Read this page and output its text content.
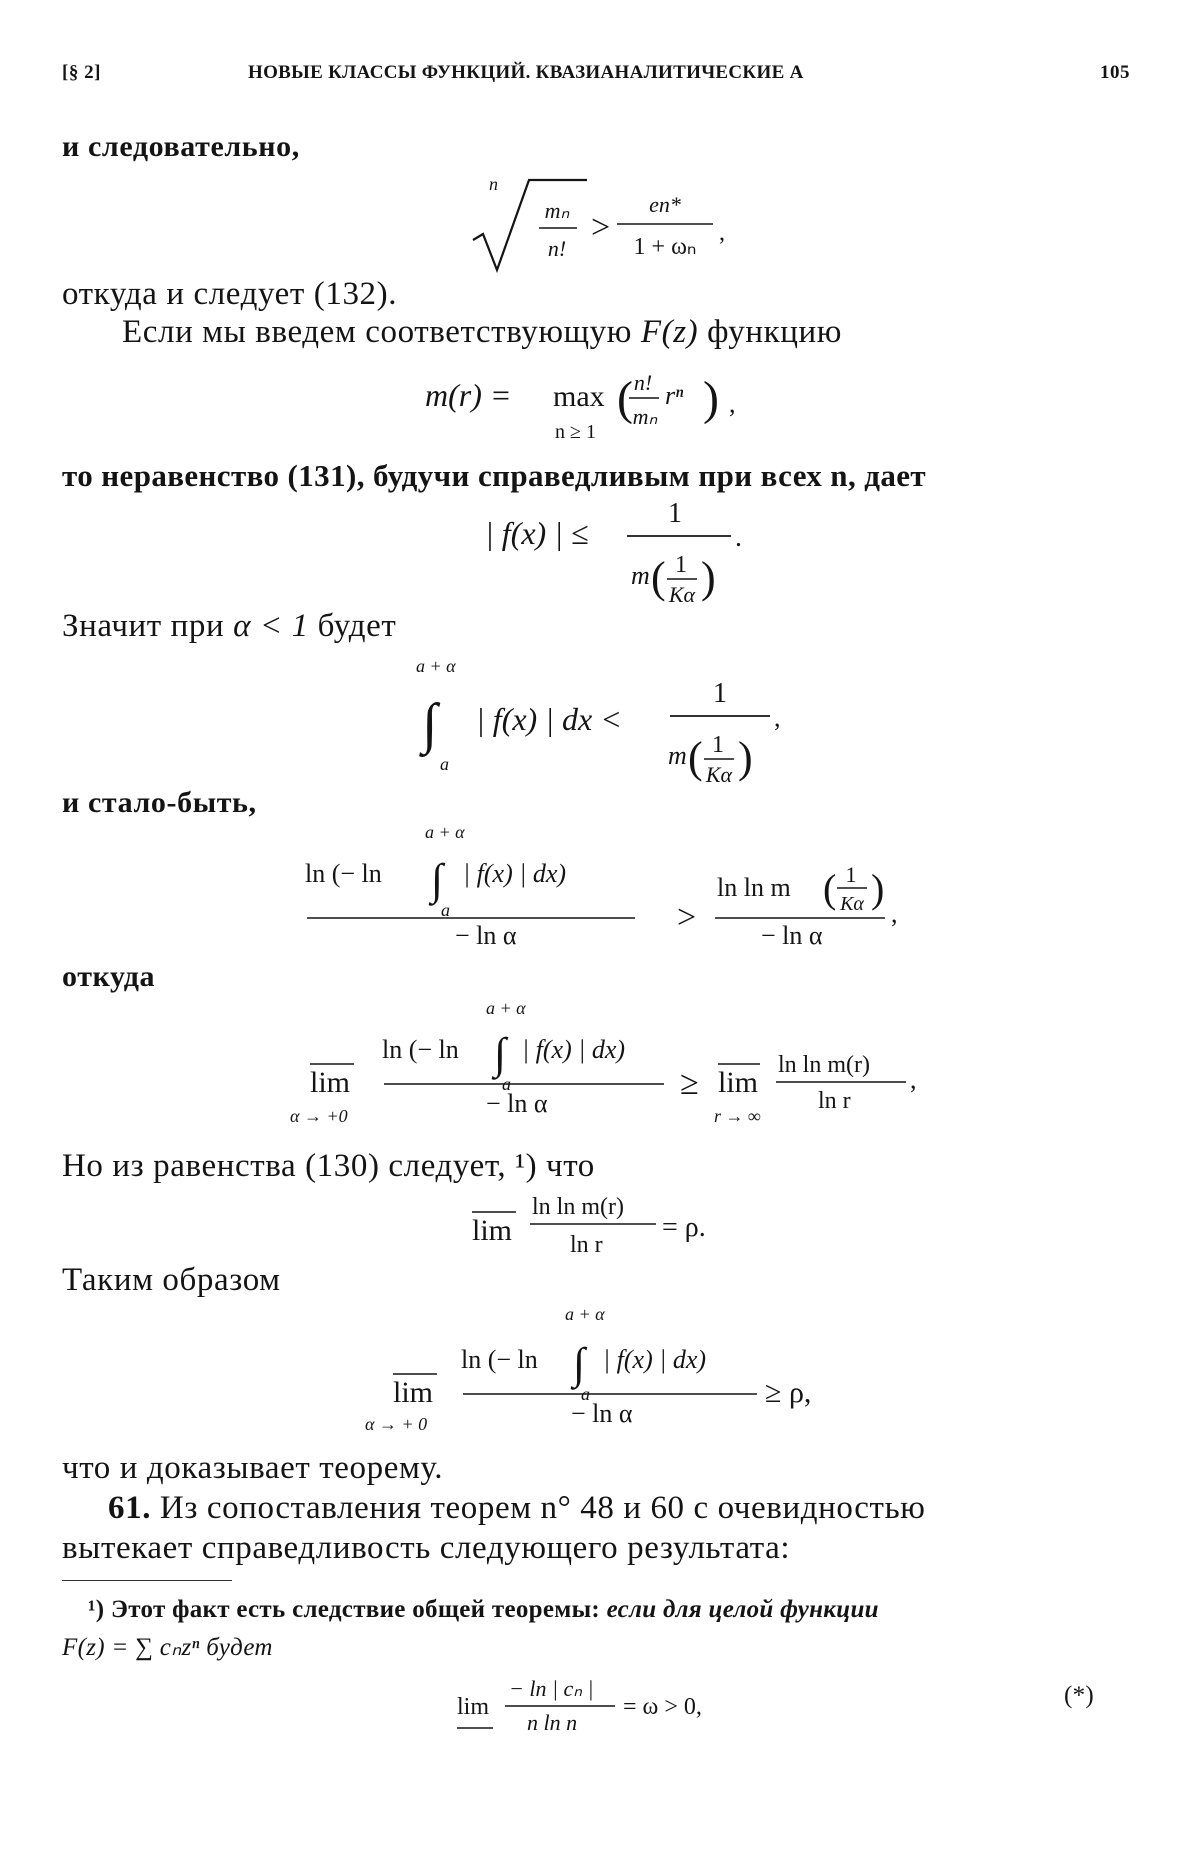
[§ 2]	НОВЫЕ КЛАССЫ ФУНКЦИЙ. КВАЗИАНАЛИТИЧЕСКИЕ А	105
и следовательно,
n
mₙ
n!
>
en*
1 + ωₙ
,
откуда и следует (132).
Если мы введем соответствующую F(z) функцию
m(r) = max
n ≥ 1
( n!
mₙ
rⁿ ) ,
то неравенство (131), будучи справедливым при всех n, дает
| f(x) | ≤
1
m ( 1
Kα )
.
Значит при α < 1 будет
a + α
∫
a
| f(x) | dx <
1
m ( 1
Kα )
,
и стало-быть,
ln (− ln
a + α
∫
a
| f(x) | dx)
− ln α	>
ln ln m ( 1
Kα )
− ln α
,
откуда
lim
α → +0
ln (− ln
a + α
∫
a
| f(x) | dx)
− ln α
≥ lim
r → ∞
ln ln m(r)
ln r
,
Но из равенства (130) следует, ¹) что
lim
ln ln m(r)
ln r
= ρ.
Таким образом
lim
α → + 0
ln (− ln
a + α
∫
a
| f(x) | dx)
− ln α
≥ ρ,
что и доказывает теорему.
61. Из сопоставления теорем n° 48 и 60 с очевидностью
вытекает справедливость следующего результата:
¹) Этот факт есть следствие общей теоремы: если для целой функции
F(z) = ∑ cₙzⁿ будет
lim
− ln | cₙ |
n ln n
= ω > 0,	(*)
